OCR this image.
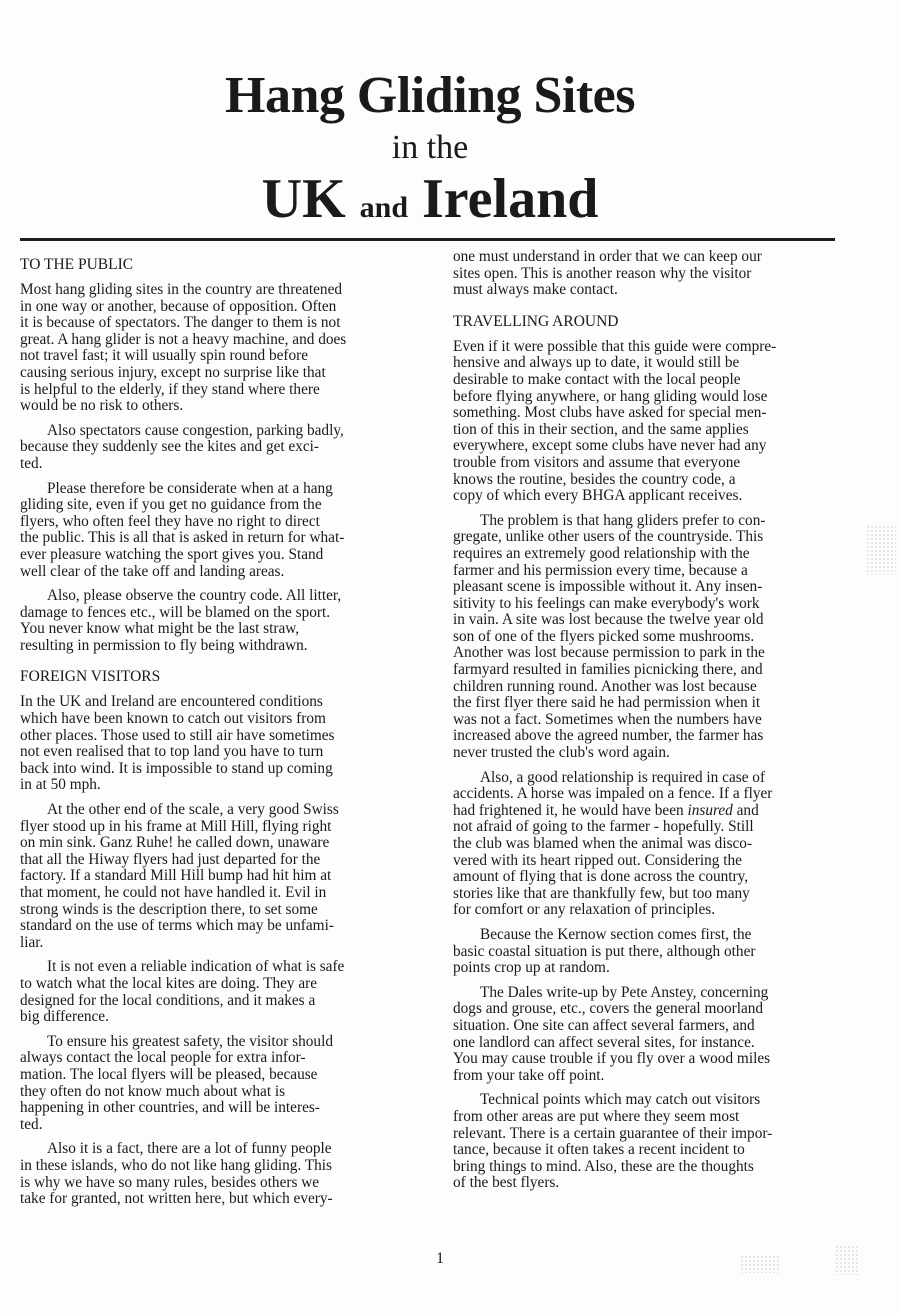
Hang Gliding Sites
in the
UK and Ireland
TO THE PUBLIC
Most hang gliding sites in the country are threatened
in one way or another, because of opposition. Often
it is because of spectators. The danger to them is not
great. A hang glider is not a heavy machine, and does
not travel fast; it will usually spin round before
causing serious injury, except no surprise like that
is helpful to the elderly, if they stand where there
would be no risk to others.
Also spectators cause congestion, parking badly,
because they suddenly see the kites and get exci-
ted.
Please therefore be considerate when at a hang
gliding site, even if you get no guidance from the
flyers, who often feel they have no right to direct
the public. This is all that is asked in return for what-
ever pleasure watching the sport gives you. Stand
well clear of the take off and landing areas.
Also, please observe the country code. All litter,
damage to fences etc., will be blamed on the sport.
You never know what might be the last straw,
resulting in permission to fly being withdrawn.
FOREIGN VISITORS
In the UK and Ireland are encountered conditions
which have been known to catch out visitors from
other places. Those used to still air have sometimes
not even realised that to top land you have to turn
back into wind. It is impossible to stand up coming
in at 50 mph.
At the other end of the scale, a very good Swiss
flyer stood up in his frame at Mill Hill, flying right
on min sink. Ganz Ruhe! he called down, unaware
that all the Hiway flyers had just departed for the
factory. If a standard Mill Hill bump had hit him at
that moment, he could not have handled it. Evil in
strong winds is the description there, to set some
standard on the use of terms which may be unfami-
liar.
It is not even a reliable indication of what is safe
to watch what the local kites are doing. They are
designed for the local conditions, and it makes a
big difference.
To ensure his greatest safety, the visitor should
always contact the local people for extra infor-
mation. The local flyers will be pleased, because
they often do not know much about what is
happening in other countries, and will be interes-
ted.
Also it is a fact, there are a lot of funny people
in these islands, who do not like hang gliding. This
is why we have so many rules, besides others we
take for granted, not written here, but which every-
one must understand in order that we can keep our
sites open. This is another reason why the visitor
must always make contact.
TRAVELLING AROUND
Even if it were possible that this guide were compre-
hensive and always up to date, it would still be
desirable to make contact with the local people
before flying anywhere, or hang gliding would lose
something. Most clubs have asked for special men-
tion of this in their section, and the same applies
everywhere, except some clubs have never had any
trouble from visitors and assume that everyone
knows the routine, besides the country code, a
copy of which every BHGA applicant receives.
The problem is that hang gliders prefer to con-
gregate, unlike other users of the countryside. This
requires an extremely good relationship with the
farmer and his permission every time, because a
pleasant scene is impossible without it. Any insen-
sitivity to his feelings can make everybody's work
in vain. A site was lost because the twelve year old
son of one of the flyers picked some mushrooms.
Another was lost because permission to park in the
farmyard resulted in families picnicking there, and
children running round. Another was lost because
the first flyer there said he had permission when it
was not a fact. Sometimes when the numbers have
increased above the agreed number, the farmer has
never trusted the club's word again.
Also, a good relationship is required in case of
accidents. A horse was impaled on a fence. If a flyer
had frightened it, he would have been insured and
not afraid of going to the farmer - hopefully. Still
the club was blamed when the animal was disco-
vered with its heart ripped out. Considering the
amount of flying that is done across the country,
stories like that are thankfully few, but too many
for comfort or any relaxation of principles.
Because the Kernow section comes first, the
basic coastal situation is put there, although other
points crop up at random.
The Dales write-up by Pete Anstey, concerning
dogs and grouse, etc., covers the general moorland
situation. One site can affect several farmers, and
one landlord can affect several sites, for instance.
You may cause trouble if you fly over a wood miles
from your take off point.
Technical points which may catch out visitors
from other areas are put where they seem most
relevant. There is a certain guarantee of their impor-
tance, because it often takes a recent incident to
bring things to mind. Also, these are the thoughts
of the best flyers.
1
